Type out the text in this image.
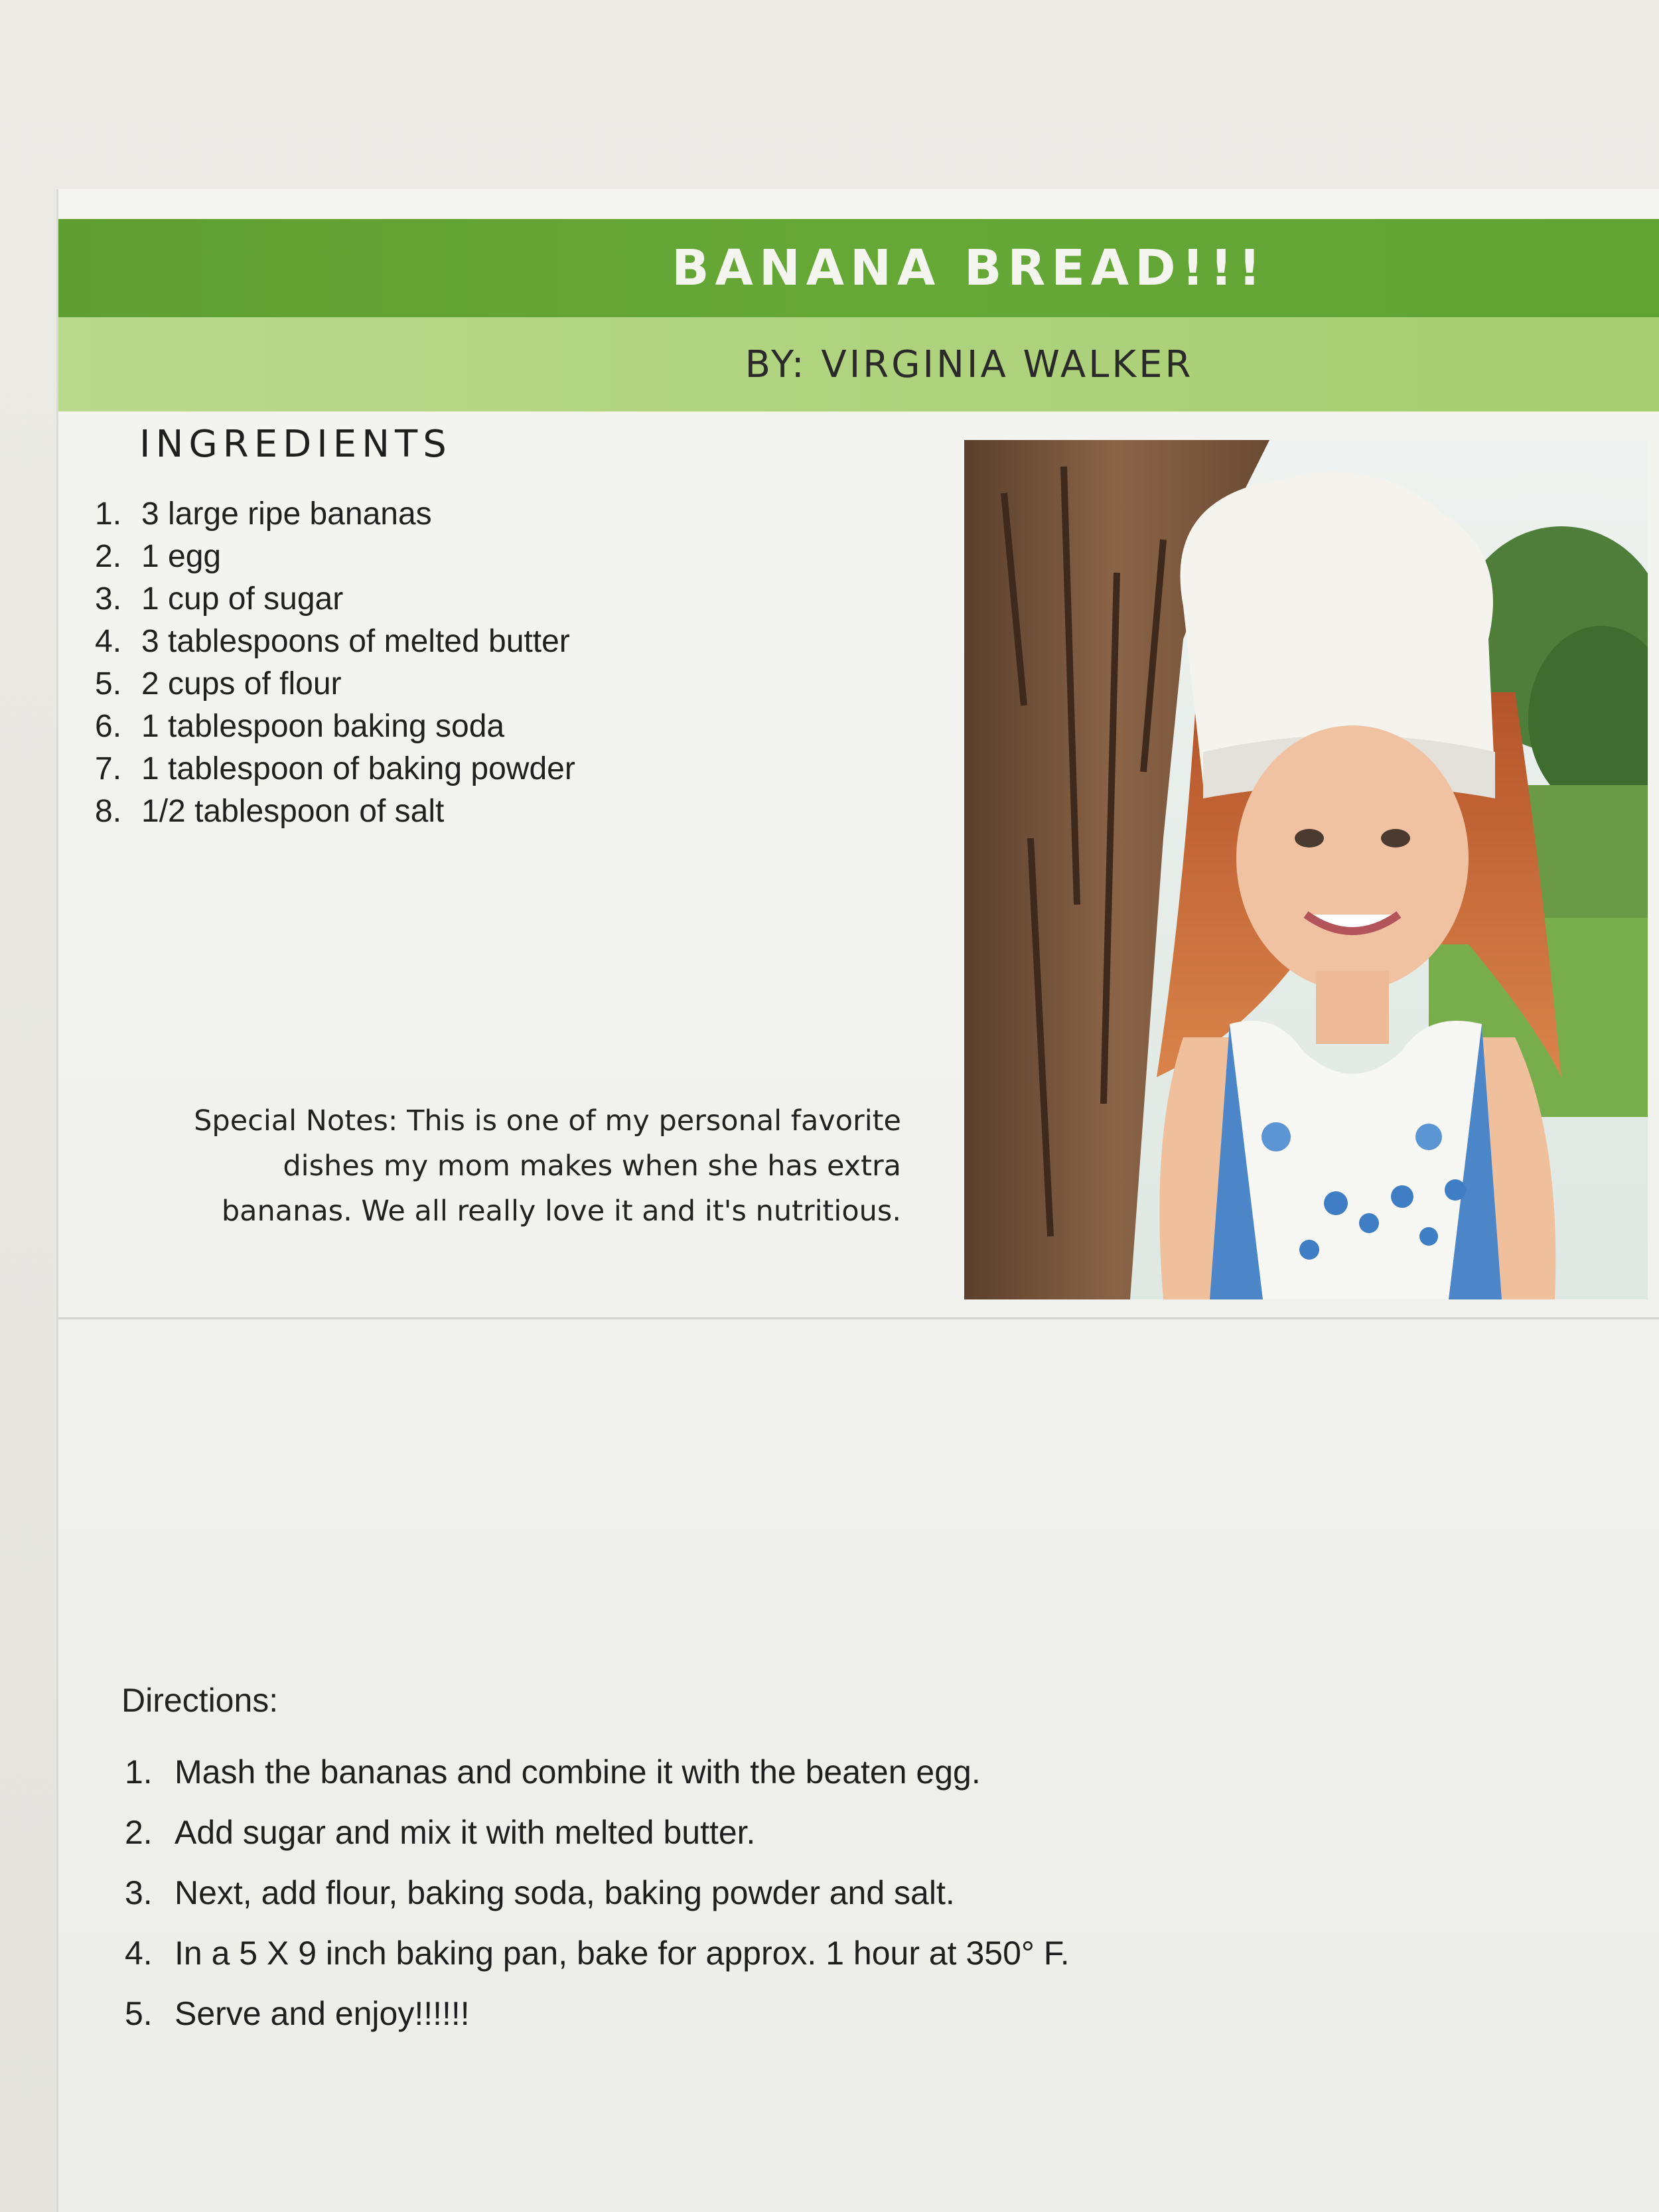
BANANA BREAD!!!
BY: VIRGINIA WALKER
INGREDIENTS
1. 3 large ripe bananas
2. 1 egg
3. 1 cup of sugar
4. 3 tablespoons of melted butter
5. 2 cups of flour
6. 1 tablespoon baking soda
7. 1 tablespoon of baking powder
8. 1/2 tablespoon of salt
Special Notes: This is one of my personal favorite
dishes my mom makes when she has extra
bananas. We all really love it and it's nutritious.
Directions:
1. Mash the bananas and combine it with the beaten egg.
2. Add sugar and mix it with melted butter.
3. Next, add flour, baking soda, baking powder and salt.
4. In a 5 X 9 inch baking pan, bake for approx. 1 hour at 350° F.
5. Serve and enjoy!!!!!!
